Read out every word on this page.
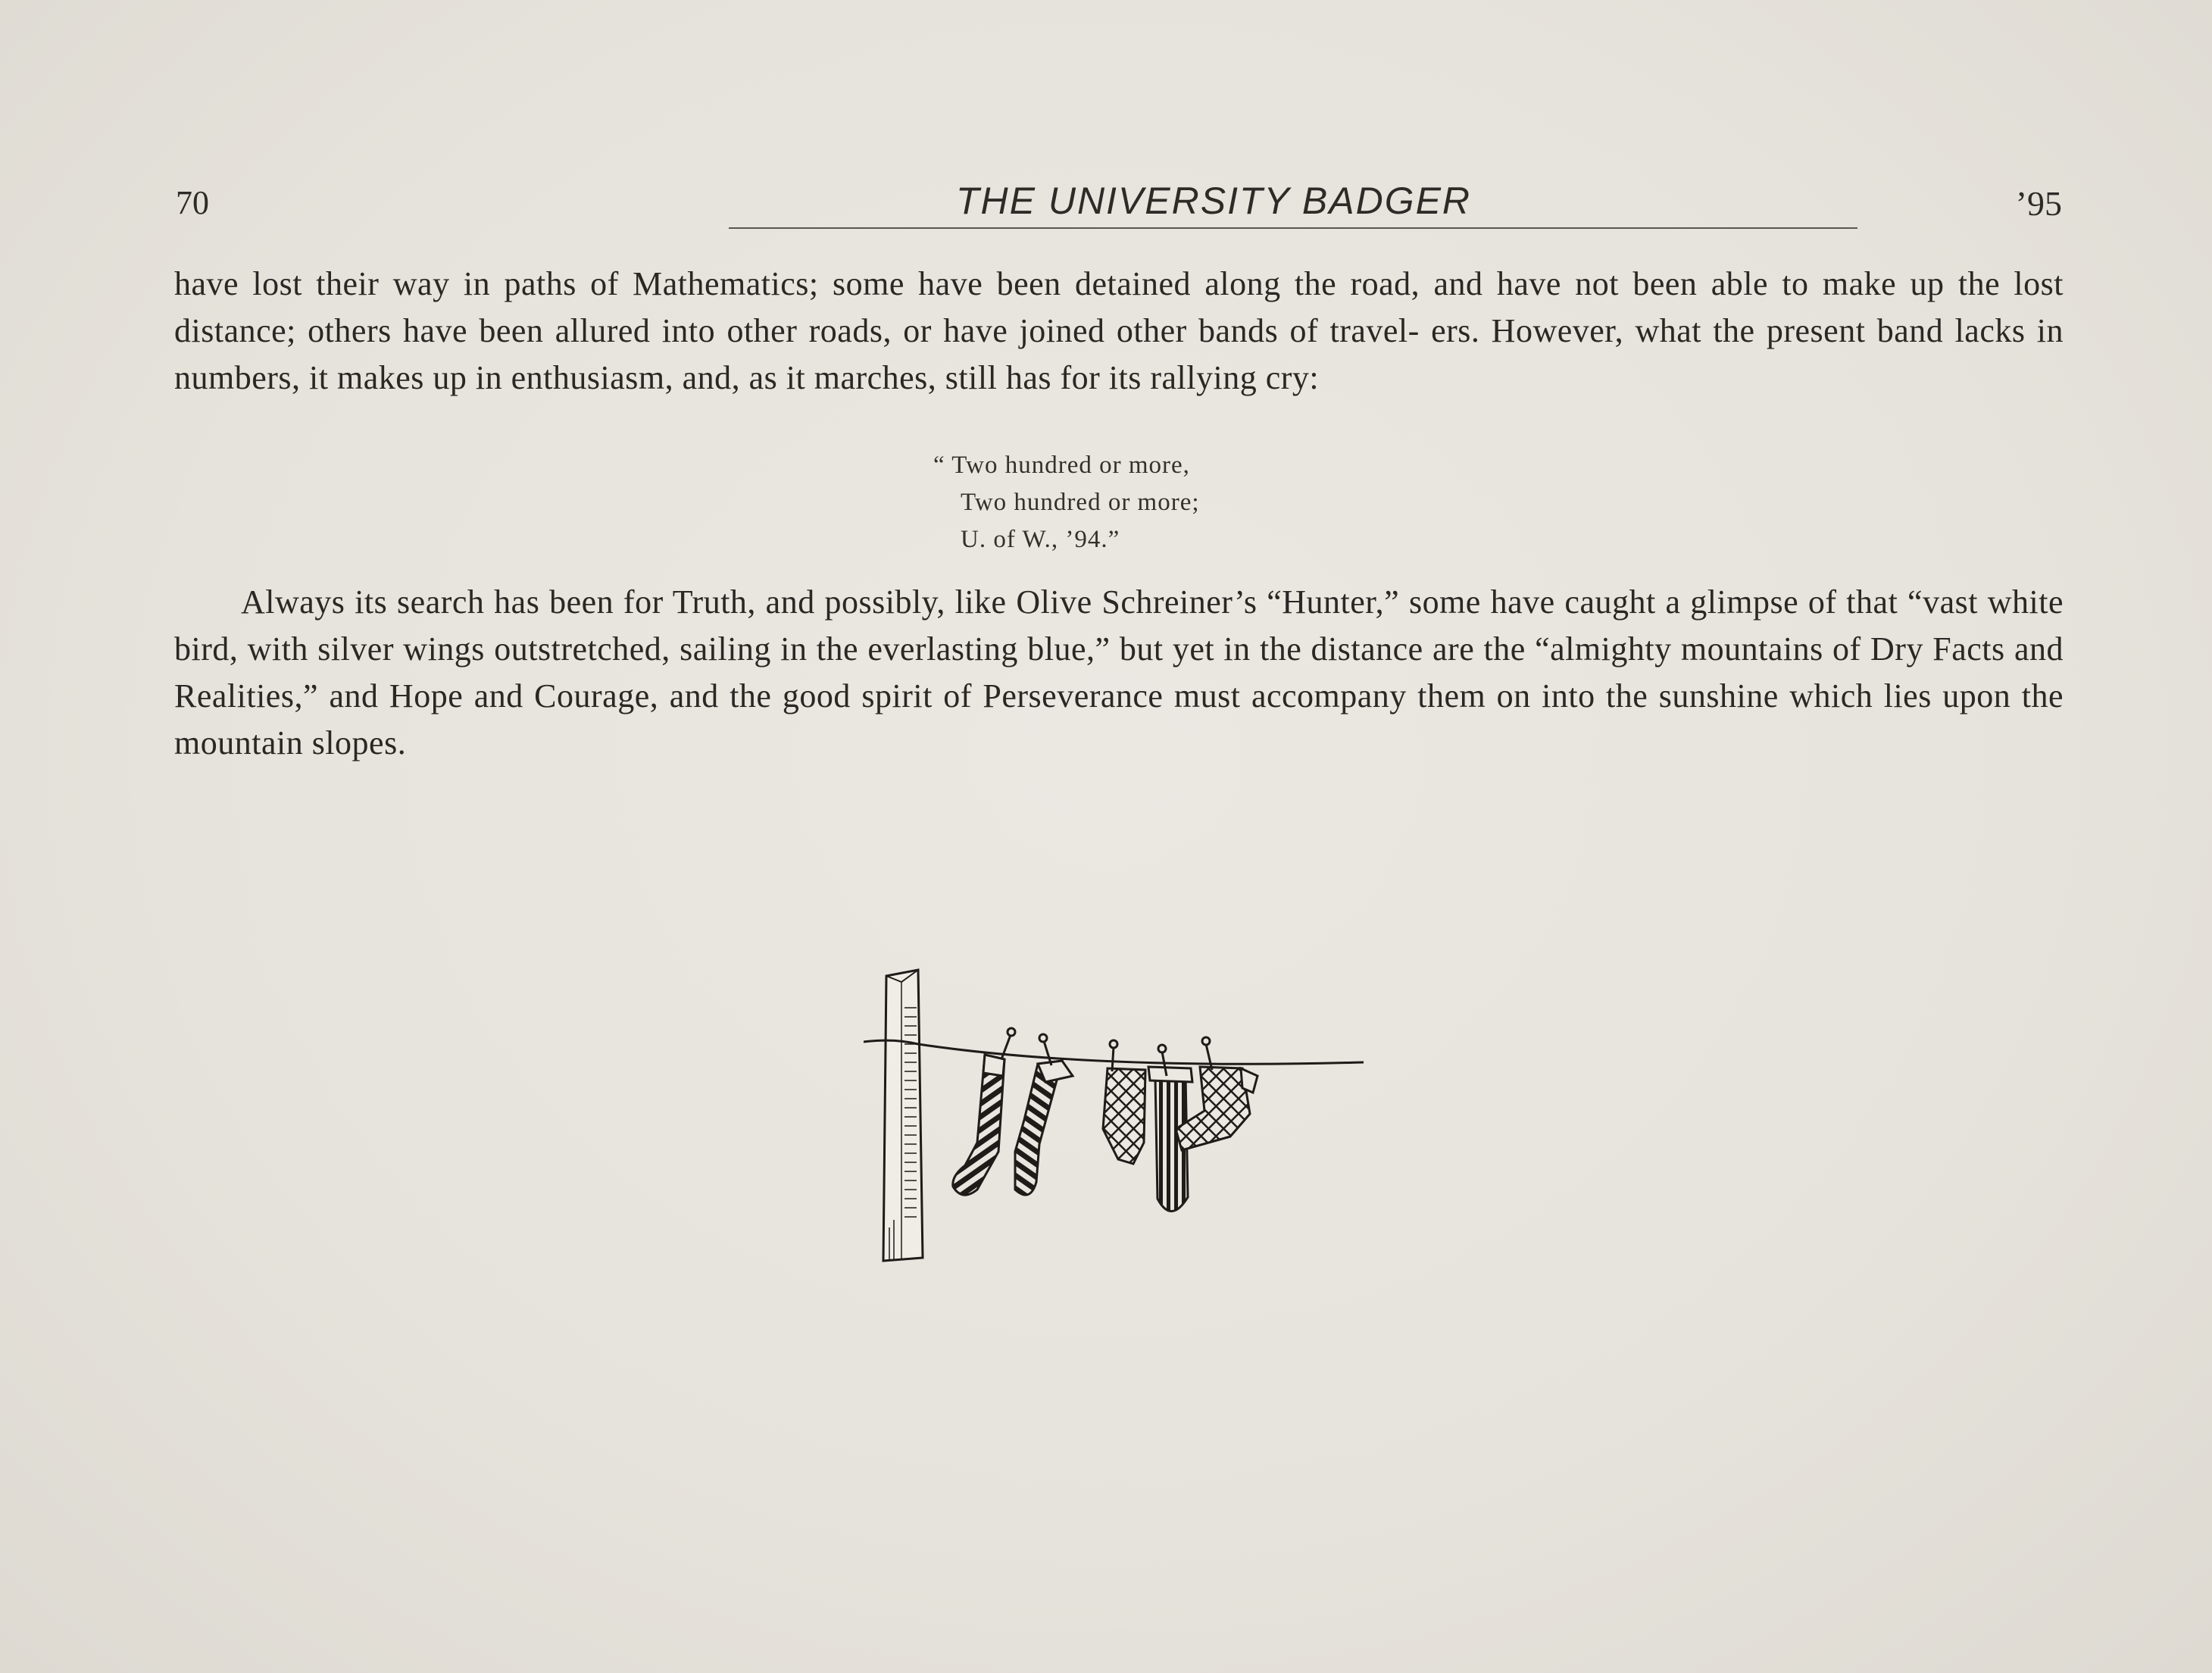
70	THE UNIVERSITY BADGER	’95

have lost their way in paths of Mathematics; some have been detained along the road, and have not been able to make up the lost distance; others have been allured into other roads, or have joined other bands of travel- ers. However, what the present band lacks in numbers, it makes up in enthusiasm, and, as it marches, still has for its rallying cry:

“ Two hundred or more,
Two hundred or more;
U. of W., ’94.”

Always its search has been for Truth, and possibly, like Olive Schreiner’s “Hunter,” some have caught a glimpse of that “vast white bird, with silver wings outstretched, sailing in the everlasting blue,” but yet in the distance are the “almighty mountains of Dry Facts and Realities,” and Hope and Courage, and the good spirit of Perseverance must accompany them on into the sunshine which lies upon the mountain slopes.
